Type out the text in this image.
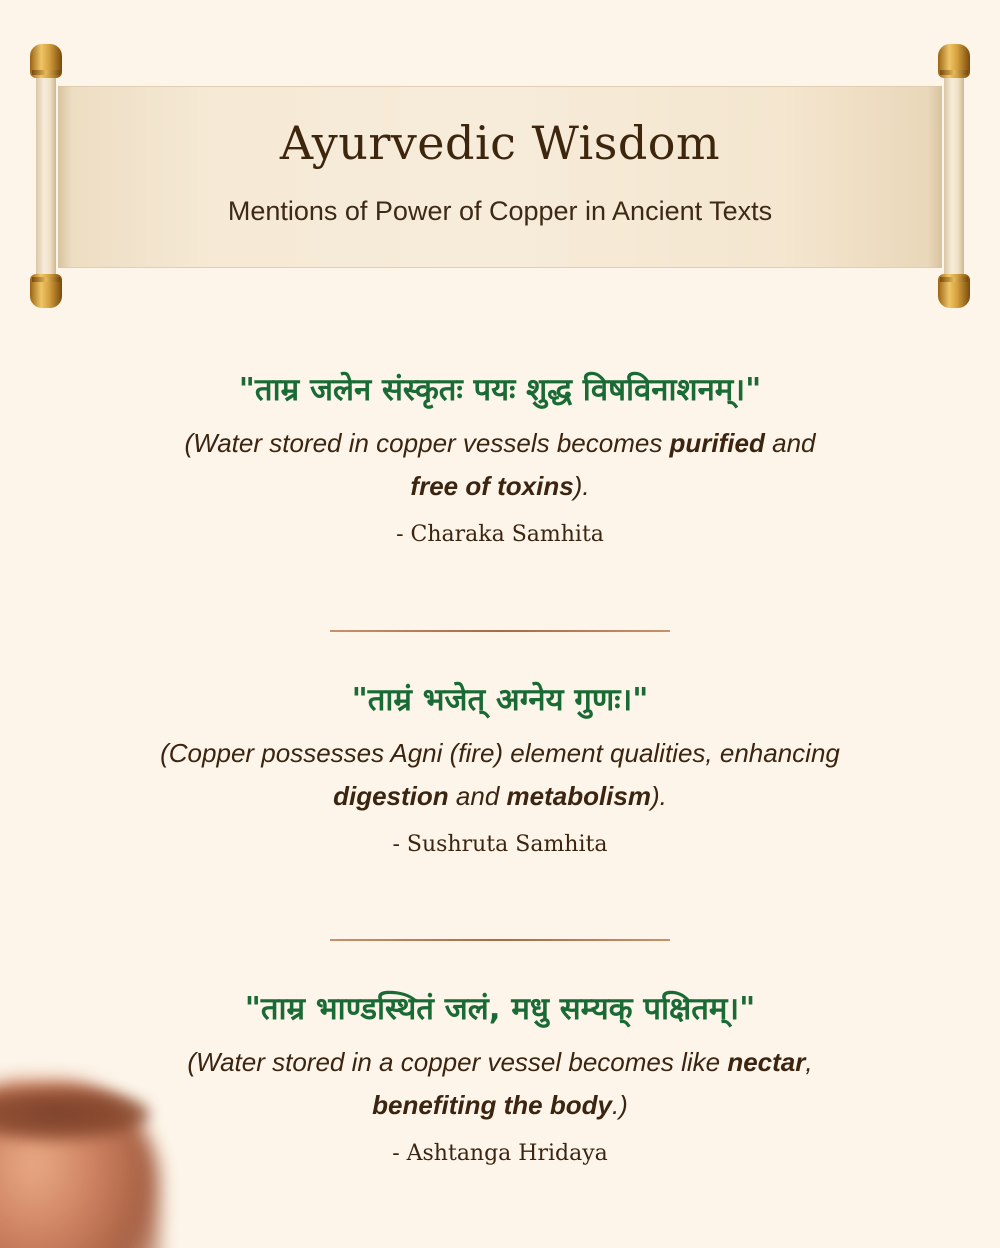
Ayurvedic Wisdom
Mentions of Power of Copper in Ancient Texts
"ताम्र जलेन संस्कृतः पयः शुद्ध विषविनाशनम्।"
(Water stored in copper vessels becomes purified and
free of toxins).
- Charaka Samhita
"ताम्रं भजेत् अग्नेय गुणः।"
(Copper possesses Agni (fire) element qualities, enhancing
digestion and metabolism).
- Sushruta Samhita
"ताम्र भाण्डस्थितं जलं, मधु सम्यक् पक्षितम्।"
(Water stored in a copper vessel becomes like nectar,
benefiting the body.)
- Ashtanga Hridaya
